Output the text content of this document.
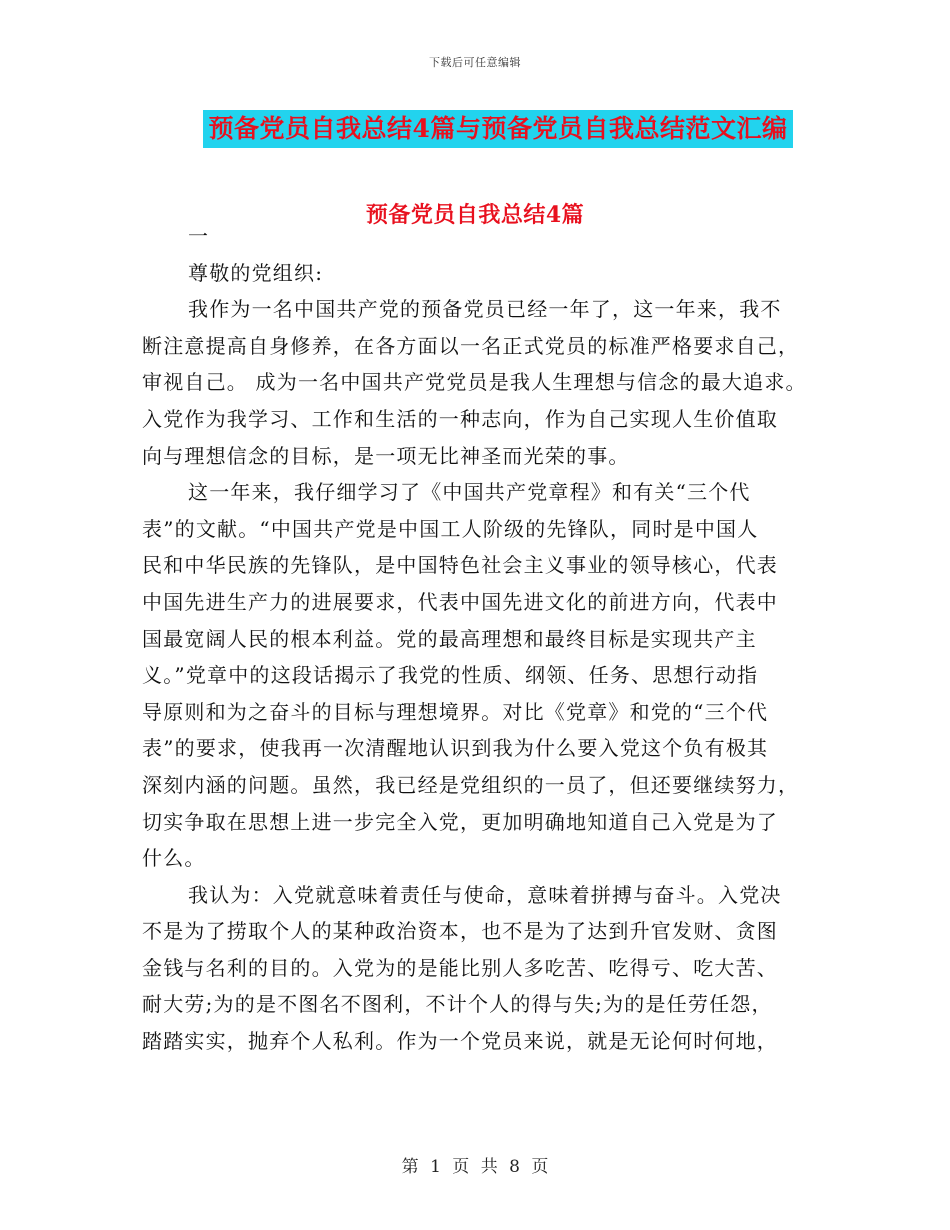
下载后可任意编辑
预备党员自我总结4篇与预备党员自我总结范文汇编
预备党员自我总结4篇
一
尊敬的党组织:
我作为一名中国共产党的预备党员已经一年了，这一年来，我不
断注意提高自身修养，在各方面以一名正式党员的标准严格要求自己，
审视自己。 成为一名中国共产党党员是我人生理想与信念的最大追求。
入党作为我学习、工作和生活的一种志向，作为自己实现人生价值取
向与理想信念的目标，是一项无比神圣而光荣的事。
这一年来，我仔细学习了《中国共产党章程》和有关“三个代
表”的文献。“中国共产党是中国工人阶级的先锋队，同时是中国人
民和中华民族的先锋队，是中国特色社会主义事业的领导核心，代表
中国先进生产力的进展要求，代表中国先进文化的前进方向，代表中
国最宽阔人民的根本利益。党的最高理想和最终目标是实现共产主
义。”党章中的这段话揭示了我党的性质、纲领、任务、思想行动指
导原则和为之奋斗的目标与理想境界。对比《党章》和党的“三个代
表”的要求，使我再一次清醒地认识到我为什么要入党这个负有极其
深刻内涵的问题。虽然，我已经是党组织的一员了，但还要继续努力，
切实争取在思想上进一步完全入党，更加明确地知道自己入党是为了
什么。
我认为：入党就意味着责任与使命，意味着拼搏与奋斗。入党决
不是为了捞取个人的某种政治资本，也不是为了达到升官发财、贪图
金钱与名利的目的。入党为的是能比别人多吃苦、吃得亏、吃大苦、
耐大劳;为的是不图名不图利，不计个人的得与失;为的是任劳任怨，
踏踏实实，抛弃个人私利。作为一个党员来说，就是无论何时何地，
第 1 页 共 8 页
